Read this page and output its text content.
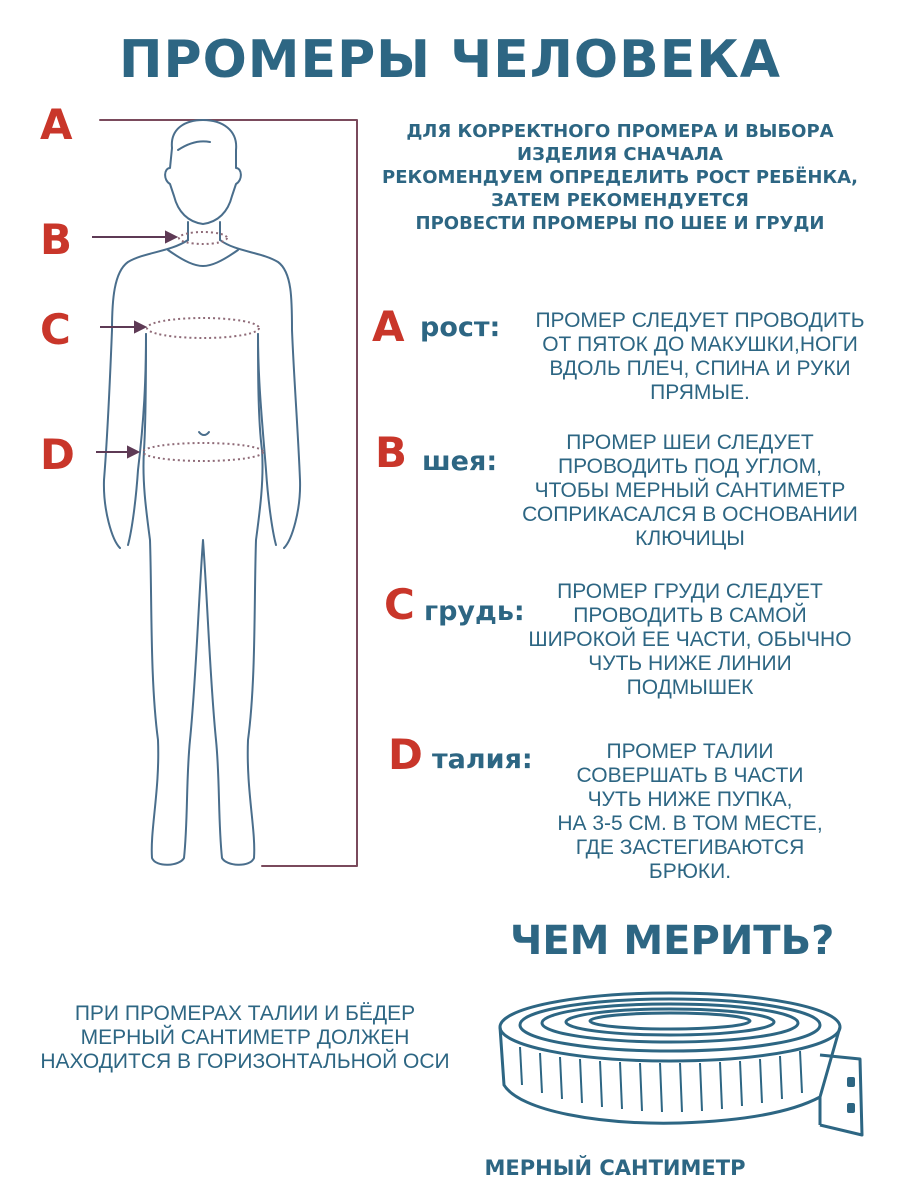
ПРОМЕРЫ ЧЕЛОВЕКА
ДЛЯ КОРРЕКТНОГО ПРОМЕРА И ВЫБОРА
ИЗДЕЛИЯ СНАЧАЛА
РЕКОМЕНДУЕМ ОПРЕДЕЛИТЬ РОСТ РЕБЁНКА,
ЗАТЕМ РЕКОМЕНДУЕТСЯ
ПРОВЕСТИ ПРОМЕРЫ ПО ШЕЕ И ГРУДИ
A
B
C
D
A рост:	ПРОМЕР СЛЕДУЕТ ПРОВОДИТЬ
ОТ ПЯТОК ДО МАКУШКИ,НОГИ
ВДОЛЬ ПЛЕЧ, СПИНА И РУКИ
ПРЯМЫЕ.
B шея:
ПРОМЕР ШЕИ СЛЕДУЕТ
ПРОВОДИТЬ ПОД УГЛОМ,
ЧТОБЫ МЕРНЫЙ САНТИМЕТР
СОПРИКАСАЛСЯ В ОСНОВАНИИ
КЛЮЧИЦЫ
C грудь:
ПРОМЕР ГРУДИ СЛЕДУЕТ
ПРОВОДИТЬ В САМОЙ
ШИРОКОЙ ЕЕ ЧАСТИ, ОБЫЧНО
ЧУТЬ НИЖЕ ЛИНИИ
ПОДМЫШЕК
D талия:	ПРОМЕР ТАЛИИ
СОВЕРШАТЬ В ЧАСТИ
ЧУТЬ НИЖЕ ПУПКА,
НА 3-5 СМ. В ТОМ МЕСТЕ,
ГДЕ ЗАСТЕГИВАЮТСЯ
БРЮКИ.
ЧЕМ МЕРИТЬ?
ПРИ ПРОМЕРАХ ТАЛИИ И БЁДЕР
МЕРНЫЙ САНТИМЕТР ДОЛЖЕН
НАХОДИТСЯ В ГОРИЗОНТАЛЬНОЙ ОСИ
МЕРНЫЙ САНТИМЕТР
